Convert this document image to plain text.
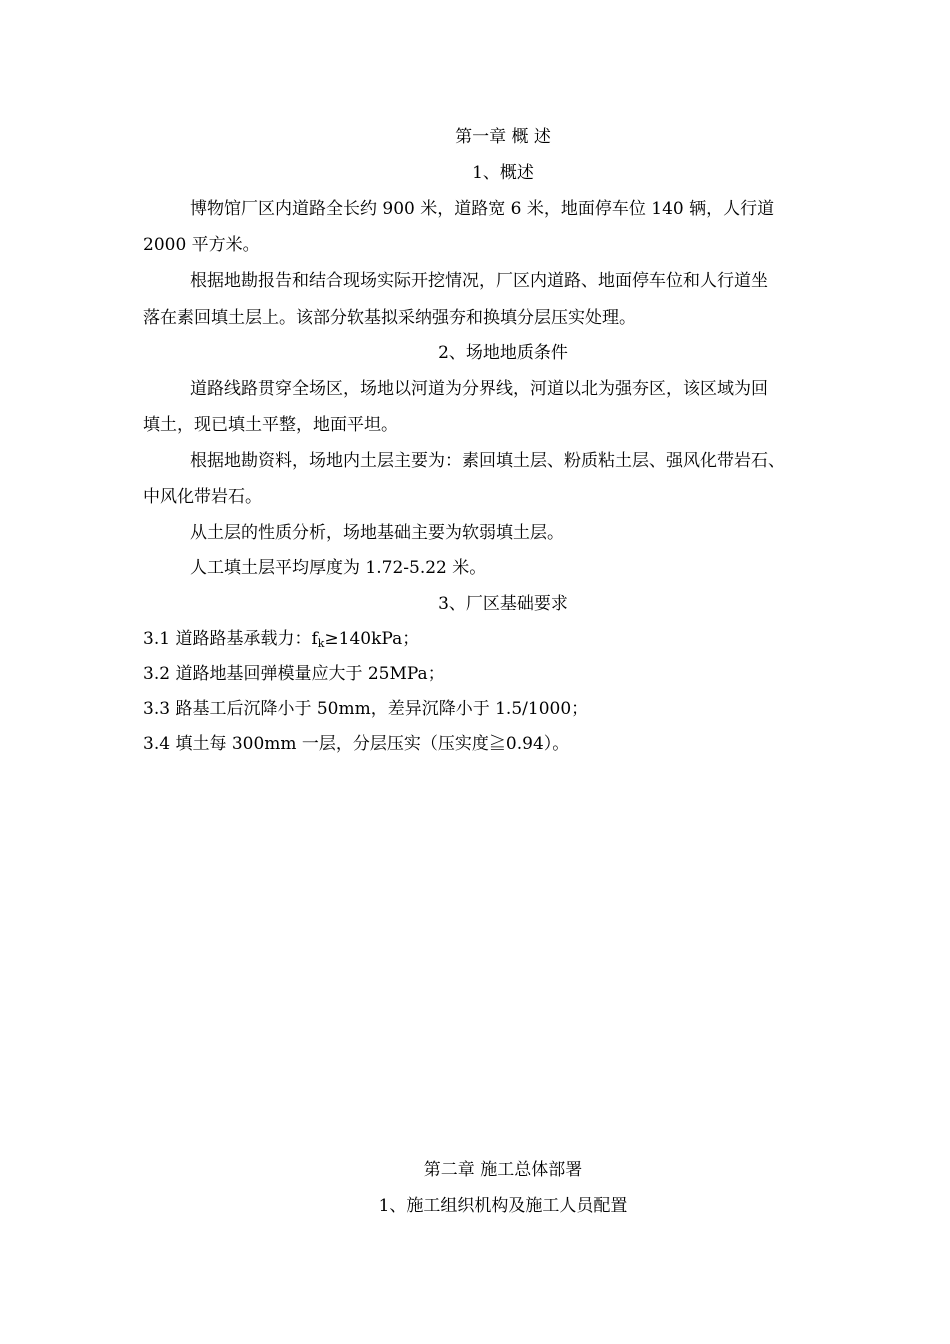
第一章 概 述
1、概述
博物馆厂区内道路全长约 900 米，道路宽 6 米，地面停车位 140 辆，人行道
2000 平方米。
根据地勘报告和结合现场实际开挖情况，厂区内道路、地面停车位和人行道坐
落在素回填土层上。该部分软基拟采纳强夯和换填分层压实处理。
2、场地地质条件
道路线路贯穿全场区，场地以河道为分界线，河道以北为强夯区，该区域为回
填土，现已填土平整，地面平坦。
根据地勘资料，场地内土层主要为：素回填土层、粉质粘土层、强风化带岩石、
中风化带岩石。
从土层的性质分析，场地基础主要为软弱填土层。
人工填土层平均厚度为 1.72-5.22 米。
3、厂区基础要求
3.1 道路路基承载力：$f_k\ge 140kPa$；
3.2 道路地基回弹模量应大于 25MPa；
3.3 路基工后沉降小于 50mm，差异沉降小于 1.5/1000；
3.4 填土每 300mm 一层，分层压实（压实度≧0.94）。
第二章 施工总体部署
1、施工组织机构及施工人员配置
